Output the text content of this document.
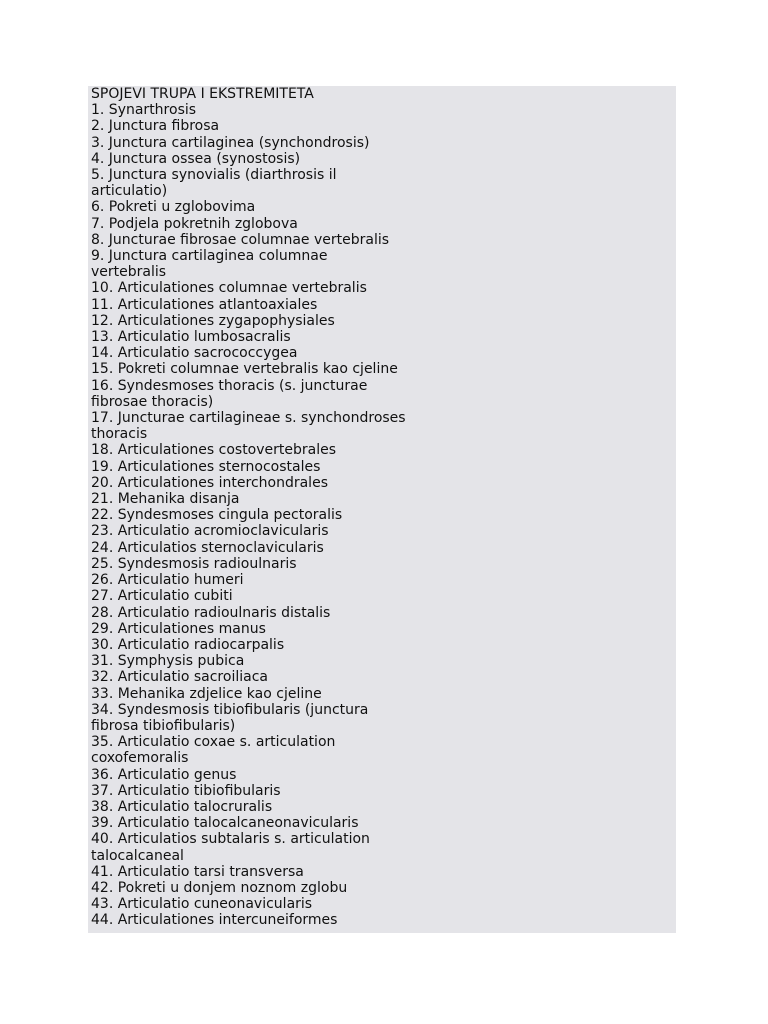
SPOJEVI TRUPA I EKSTREMITETA
1. Synarthrosis
2. Junctura fibrosa
3. Junctura cartilaginea (synchondrosis)
4. Junctura ossea (synostosis)
5. Junctura synovialis (diarthrosis il
articulatio)
6. Pokreti u zglobovima
7. Podjela pokretnih zglobova
8. Juncturae fibrosae columnae vertebralis
9. Junctura cartilaginea columnae
vertebralis
10. Articulationes columnae vertebralis
11. Articulationes atlantoaxiales
12. Articulationes zygapophysiales
13. Articulatio lumbosacralis
14. Articulatio sacrococcygea
15. Pokreti columnae vertebralis kao cjeline
16. Syndesmoses thoracis (s. juncturae
fibrosae thoracis)
17. Juncturae cartilagineae s. synchondroses
thoracis
18. Articulationes costovertebrales
19. Articulationes sternocostales
20. Articulationes interchondrales
21. Mehanika disanja
22. Syndesmoses cingula pectoralis
23. Articulatio acromioclavicularis
24. Articulatios sternoclavicularis
25. Syndesmosis radioulnaris
26. Articulatio humeri
27. Articulatio cubiti
28. Articulatio radioulnaris distalis
29. Articulationes manus
30. Articulatio radiocarpalis
31. Symphysis pubica
32. Articulatio sacroiliaca
33. Mehanika zdjelice kao cjeline
34. Syndesmosis tibiofibularis (junctura
fibrosa tibiofibularis)
35. Articulatio coxae s. articulation
coxofemoralis
36. Articulatio genus
37. Articulatio tibiofibularis
38. Articulatio talocruralis
39. Articulatio talocalcaneonavicularis
40. Articulatios subtalaris s. articulation
talocalcaneal
41. Articulatio tarsi transversa
42. Pokreti u donjem noznom zglobu
43. Articulatio cuneonavicularis
44. Articulationes intercuneiformes
